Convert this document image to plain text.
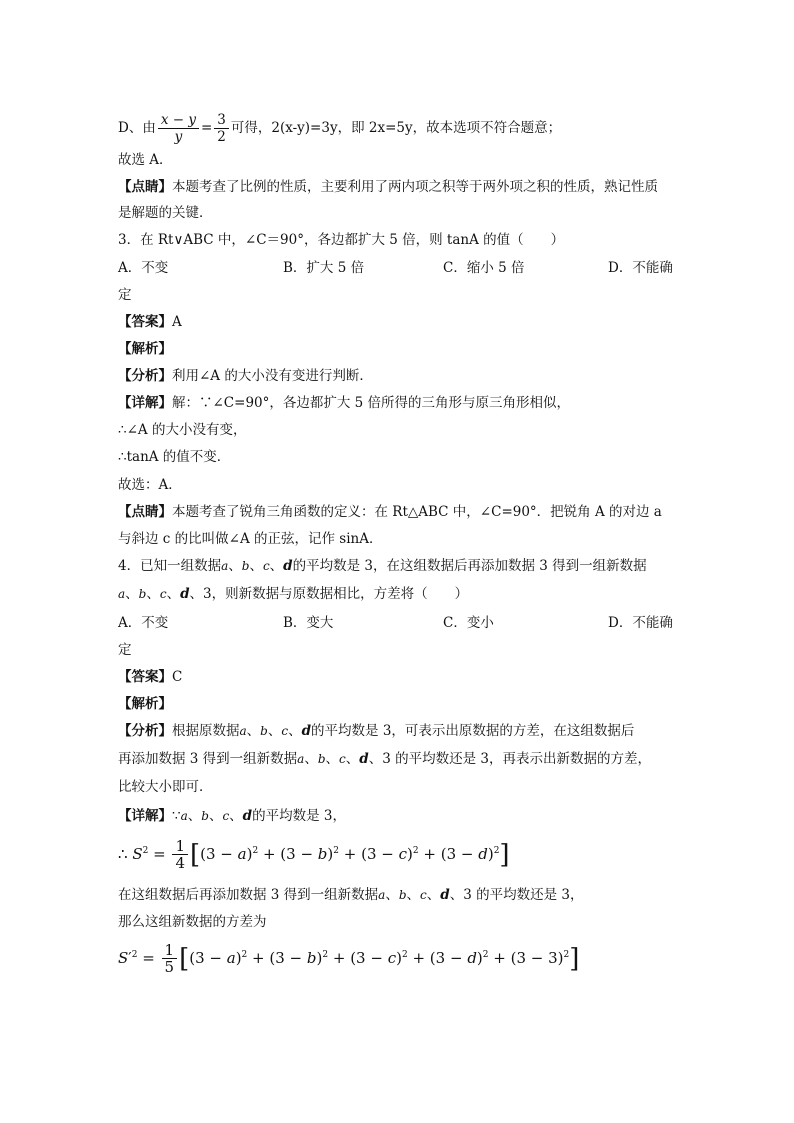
D、由 $\frac{x - y}{y} = \frac{3}{2}$ 可得，2(x-y)=3y，即 2x=5y，故本选项不符合题意；
故选 A．
【点睛】本题考查了比例的性质，主要利用了两内项之积等于两外项之积的性质，熟记性质
是解题的关键．
3．在 Rt∨ABC 中，∠C＝90°，各边都扩大 5 倍，则 tanA 的值（　　）
A．不变	B．扩大 5 倍	C．缩小 5 倍	D．不能确
定
【答案】A
【解析】
【分析】利用∠A 的大小没有变进行判断．
【详解】解：∵∠C=90°，各边都扩大 5 倍所得的三角形与原三角形相似，
∴∠A 的大小没有变，
∴tanA 的值不变．
故选：A．
【点睛】本题考查了锐角三角函数的定义：在 Rt△ABC 中，∠C=90°．把锐角 A 的对边 a
与斜边 c 的比叫做∠A 的正弦，记作 sinA．
4．已知一组数据a、b、c、d的平均数是 3，在这组数据后再添加数据 3 得到一组新数据
a、b、c、d、3，则新数据与原数据相比，方差将（　　）
A．不变	B．变大	C．变小	D．不能确
定
【答案】C
【解析】
【分析】根据原数据a、b、c、d的平均数是 3，可表示出原数据的方差，在这组数据后
再添加数据 3 得到一组新数据a、b、c、d、3 的平均数还是 3，再表示出新数据的方差，
比较大小即可．
【详解】∵a、b、c、d的平均数是 3，
∴ $S^2 = \frac{1}{4} [(3 - a)^2 + (3 - b)^2 + (3 - c)^2 + (3 - d)^2]$
在这组数据后再添加数据 3 得到一组新数据a、b、c、d、3 的平均数还是 3，
那么这组新数据的方差为
$S'^2 = \frac{1}{5} [(3 - a)^2 + (3 - b)^2 + (3 - c)^2 + (3 - d)^2 + (3 - 3)^2]$
